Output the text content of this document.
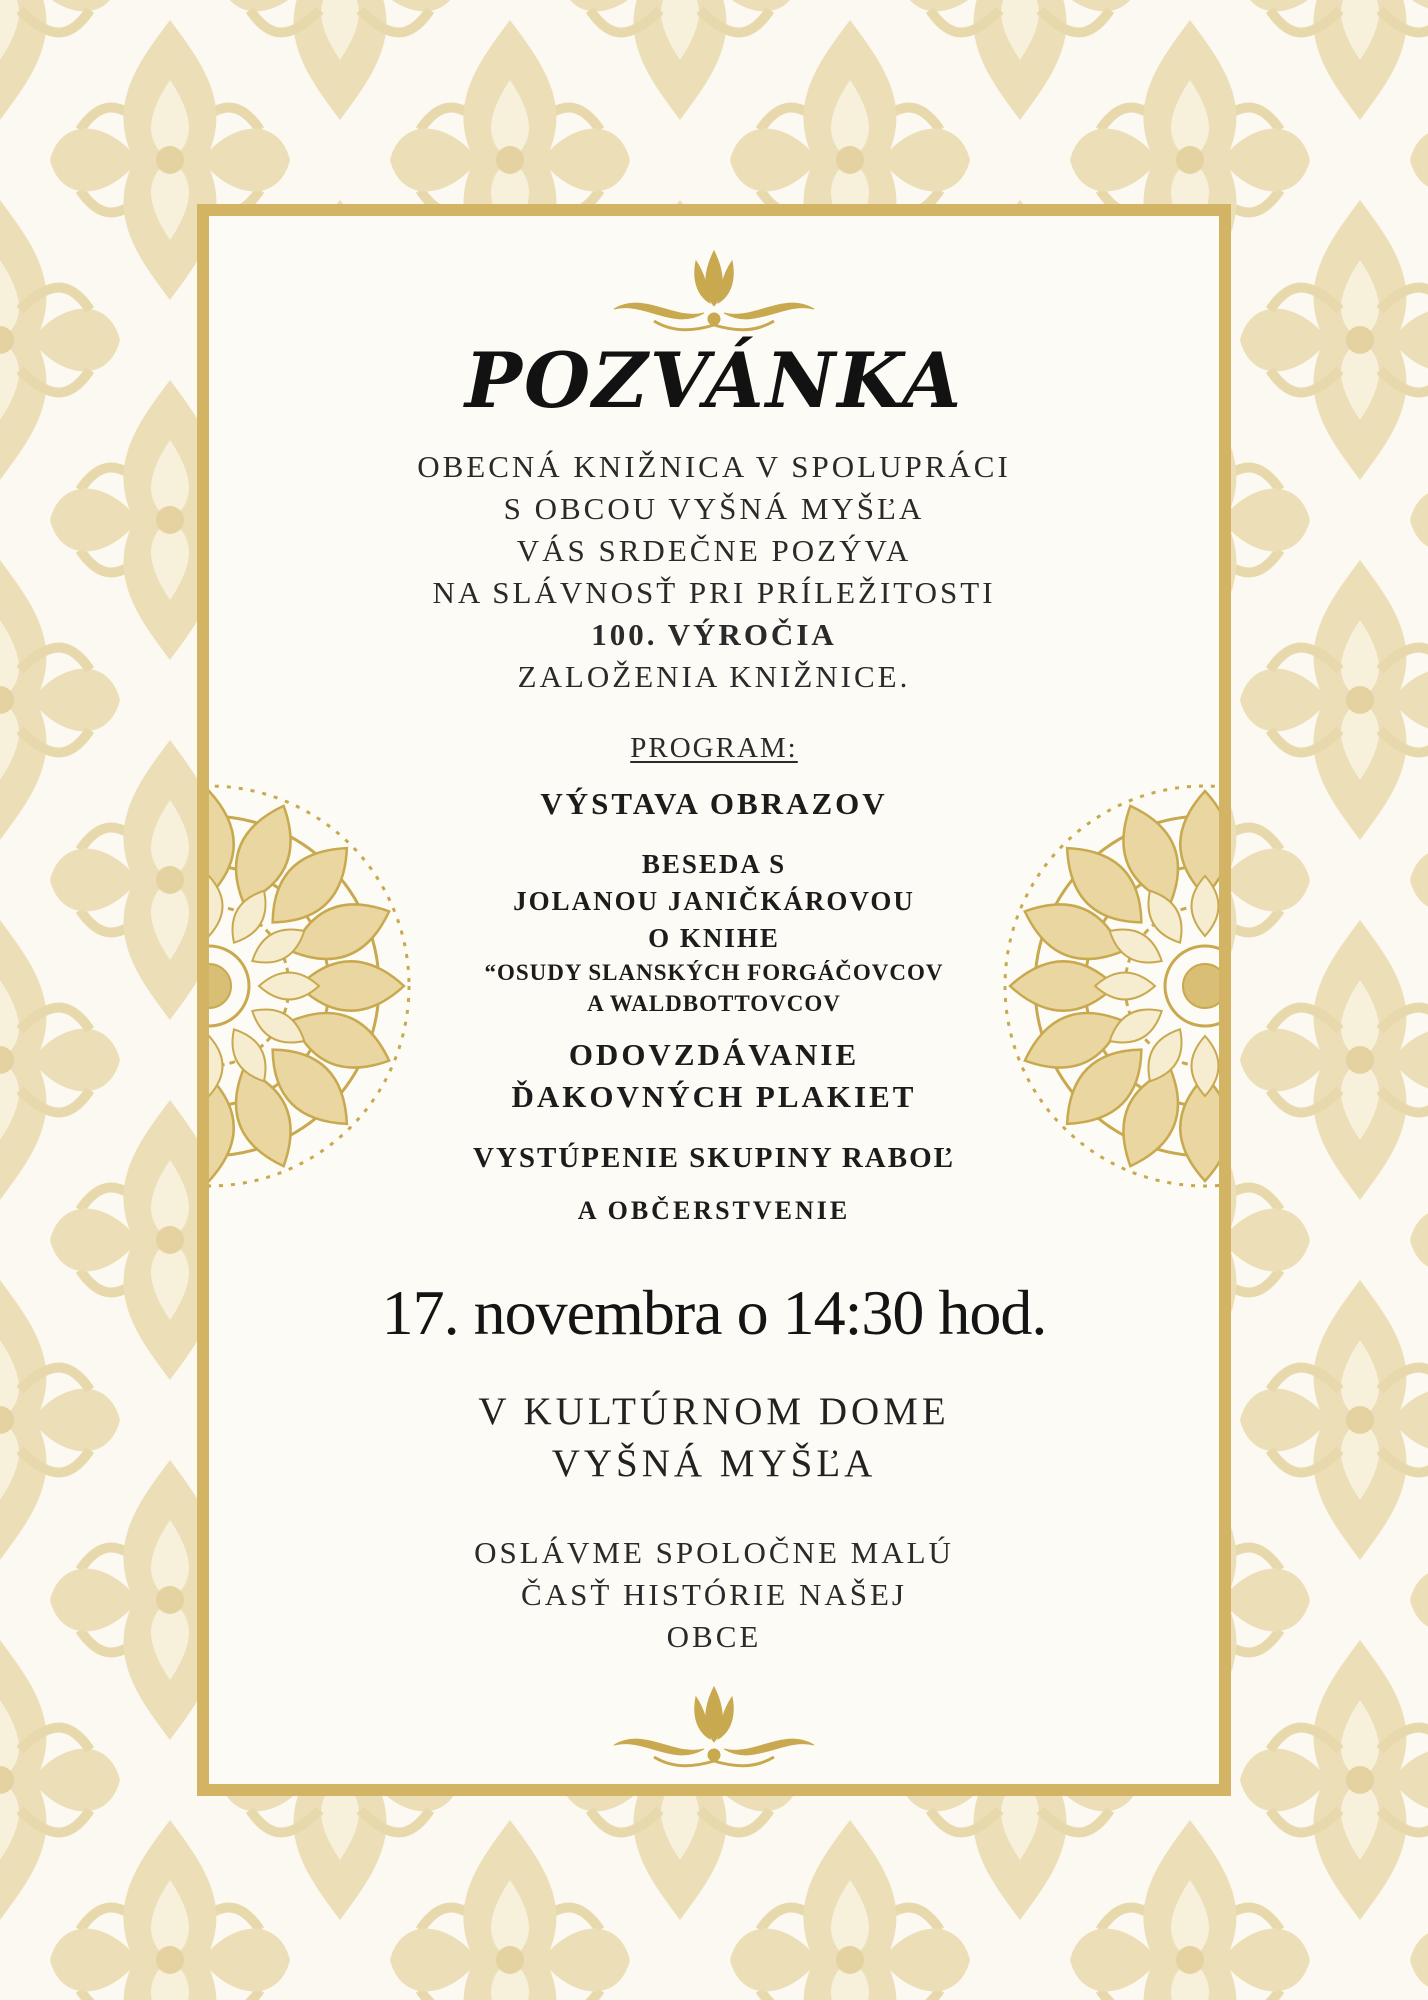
POZVÁNKA
OBECNÁ KNIŽNICA V SPOLUPRÁCI
S OBCOU VYŠNÁ MYŠĽA
VÁS SRDEČNE POZÝVA
NA SLÁVNOSŤ PRI PRÍLEŽITOSTI
100. VÝROČIA
ZALOŽENIA KNIŽNICE.
PROGRAM:
VÝSTAVA OBRAZOV
BESEDA S
JOLANOU JANIČKÁROVOU
O KNIHE
“OSUDY SLANSKÝCH FORGÁČOVCOV
A WALDBOTTOVCOV
ODOVZDÁVANIE
ĎAKOVNÝCH PLAKIET
VYSTÚPENIE SKUPINY RABOĽ
A OBČERSTVENIE
17. novembra o 14:30 hod.
V KULTÚRNOM DOME
VYŠNÁ MYŠĽA
OSLÁVME SPOLOČNE MALÚ
ČASŤ HISTÓRIE NAŠEJ
OBCE
